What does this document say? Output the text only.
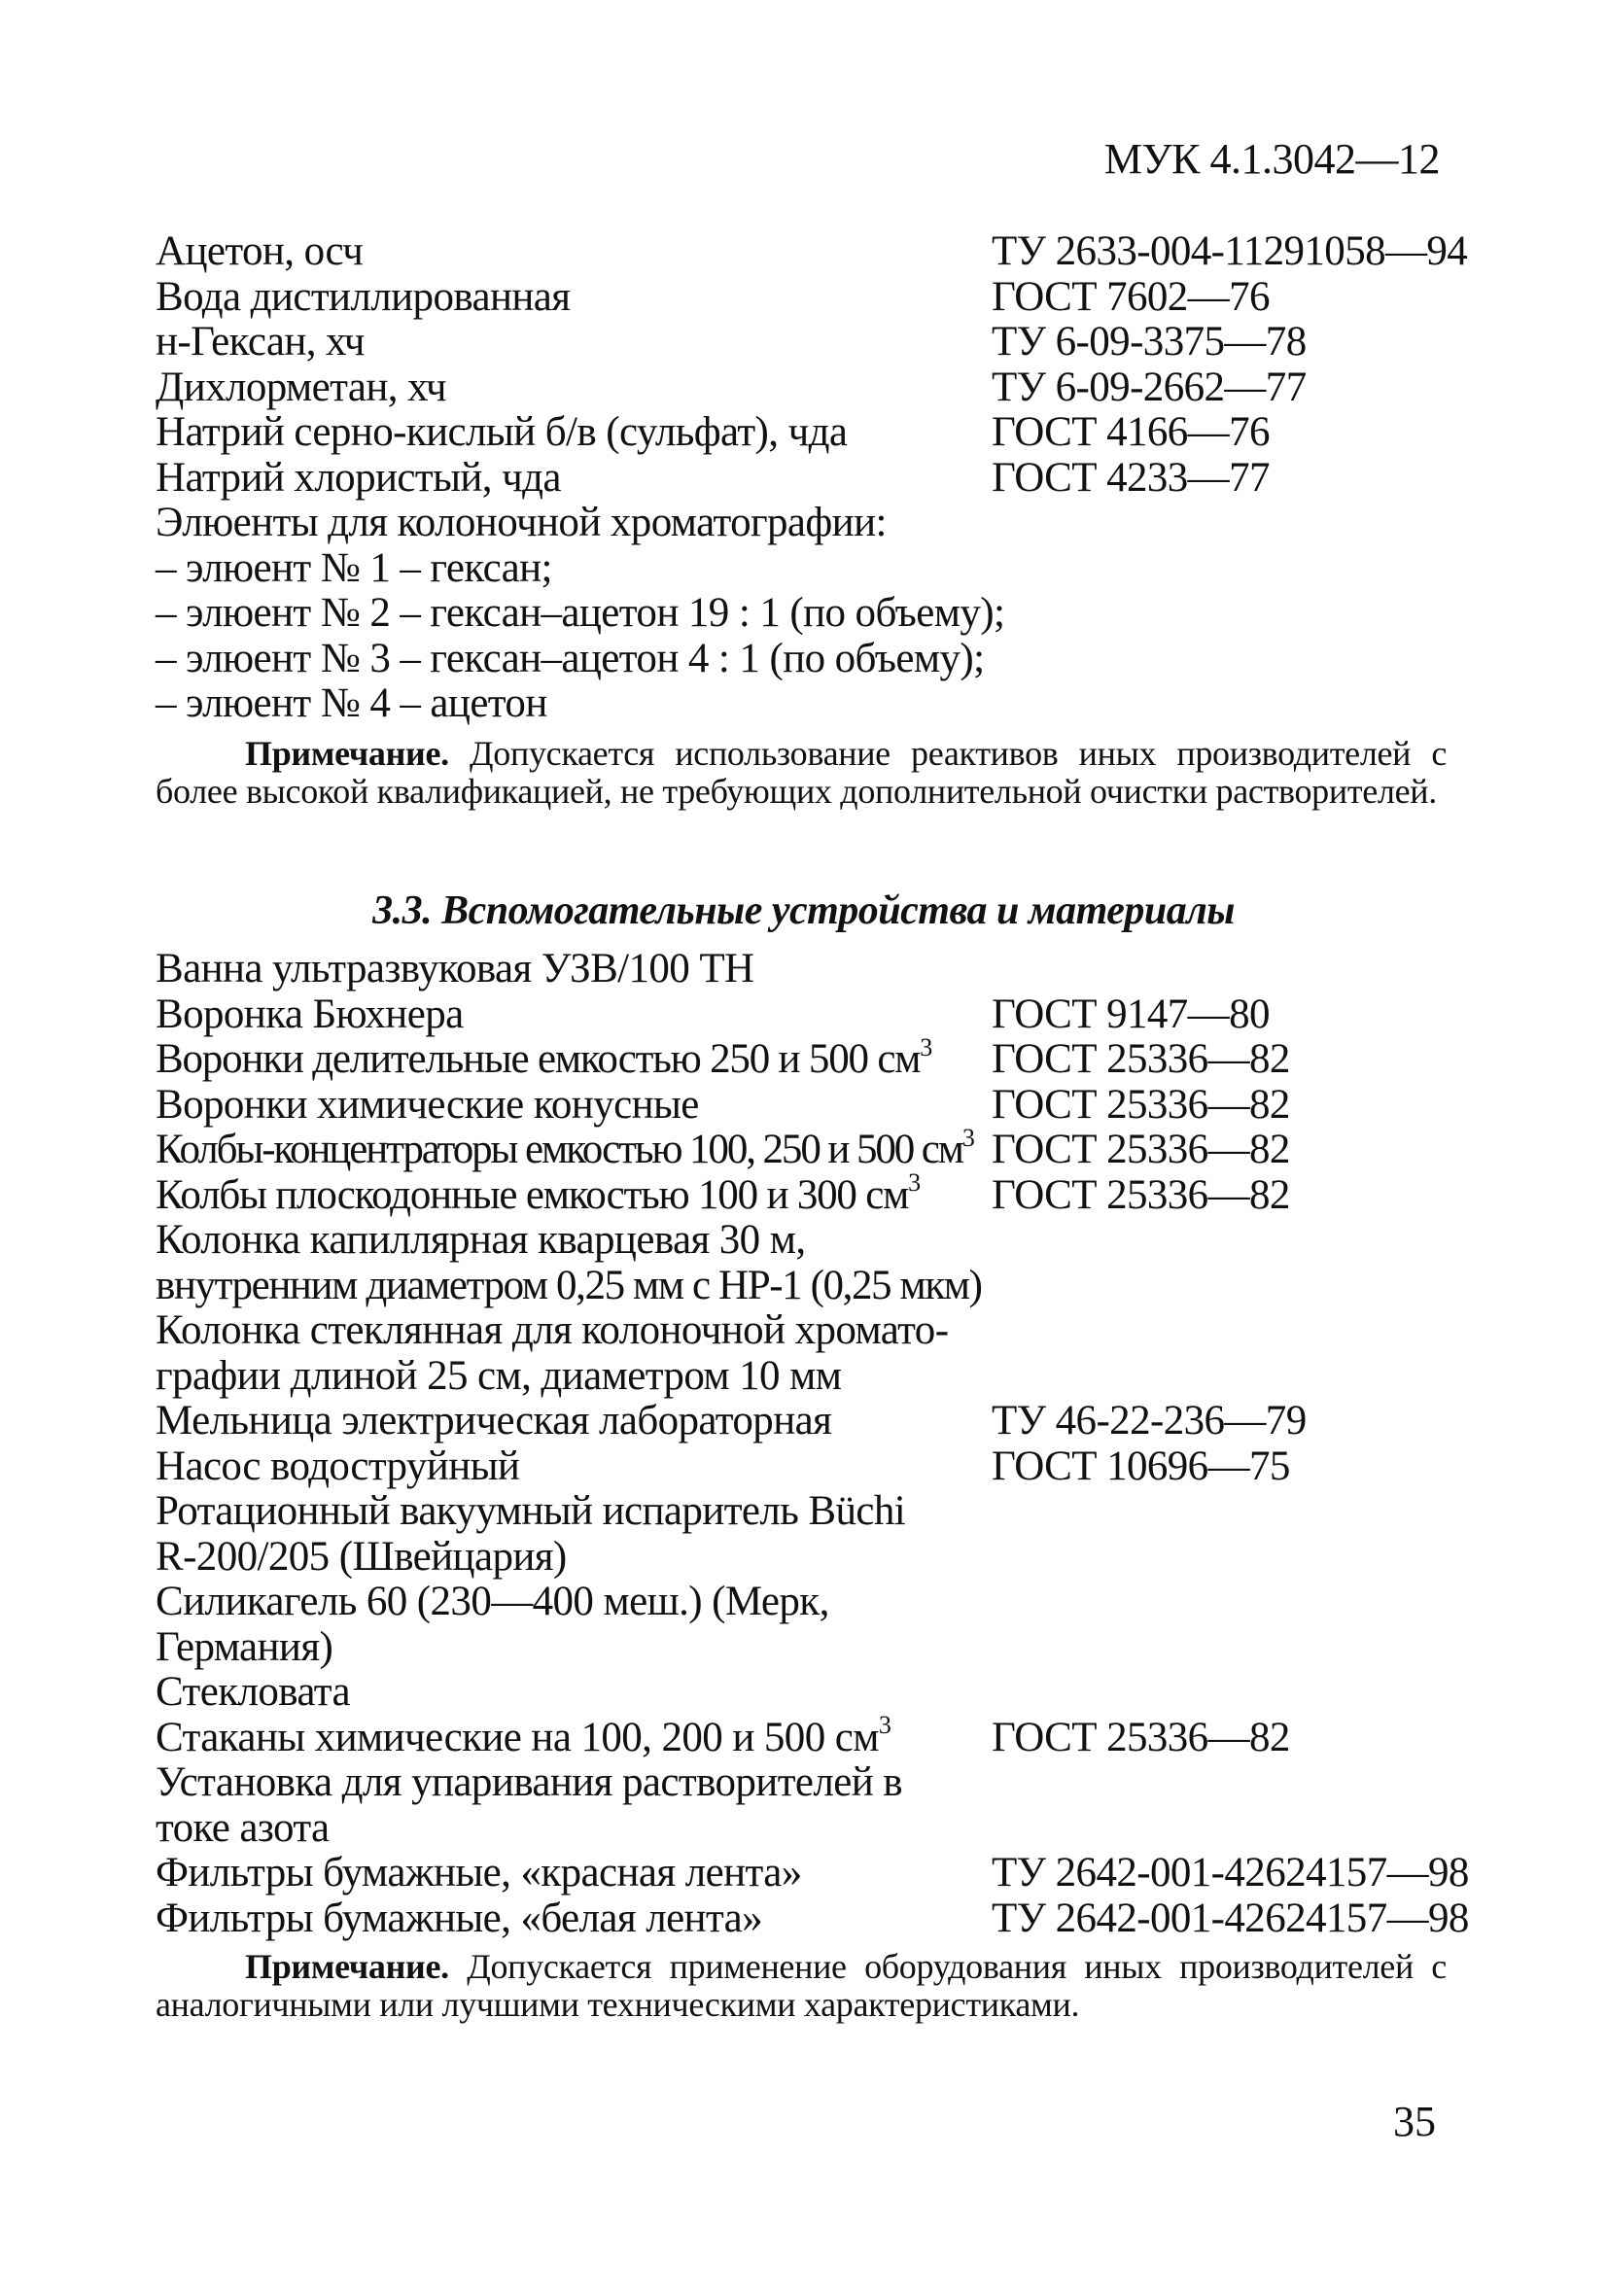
МУК 4.1.3042—12
Ацетон, осч	ТУ 2633-004-11291058—94
Вода дистиллированная	ГОСТ 7602—76
н-Гексан, хч	ТУ 6-09-3375—78
Дихлорметан, хч	ТУ 6-09-2662—77
Натрий серно-кислый б/в (сульфат), чда	ГОСТ 4166—76
Натрий хлористый, чда	ГОСТ 4233—77
Элюенты для колоночной хроматографии:
– элюент № 1 – гексан;
– элюент № 2 – гексан–ацетон 19 : 1 (по объему);
– элюент № 3 – гексан–ацетон 4 : 1 (по объему);
– элюент № 4 – ацетон
Примечание. Допускается использование реактивов иных производителей с более высокой квалификацией, не требующих дополнительной очистки растворителей.
3.3. Вспомогательные устройства и материалы
Ванна ультразвуковая УЗВ/100 ТН
Воронка Бюхнера	ГОСТ 9147—80
Воронки делительные емкостью 250 и 500 $см^3$	ГОСТ 25336—82
Воронки химические конусные	ГОСТ 25336—82
Колбы-концентраторы емкостью 100, 250 и 500 $см^3$ ГОСТ 25336—82
Колбы плоскодонные емкостью 100 и 300 $см^3$	ГОСТ 25336—82
Колонка капиллярная кварцевая 30 м,
внутренним диаметром 0,25 мм с HP-1 (0,25 мкм)
Колонка стеклянная для колоночной хромато-
графии длиной 25 см, диаметром 10 мм
Мельница электрическая лабораторная	ТУ 46-22-236—79
Насос водоструйный	ГОСТ 10696—75
Ротационный вакуумный испаритель Büchi
R-200/205 (Швейцария)
Силикагель 60 (230—400 меш.) (Мерк,
Германия)
Стекловата
Стаканы химические на 100, 200 и 500 $см^3$	ГОСТ 25336—82
Установка для упаривания растворителей в
токе азота
Фильтры бумажные, «красная лента»	ТУ 2642-001-42624157—98
Фильтры бумажные, «белая лента»	ТУ 2642-001-42624157—98
Примечание. Допускается применение оборудования иных производителей с аналогичными или лучшими техническими характеристиками.
35
